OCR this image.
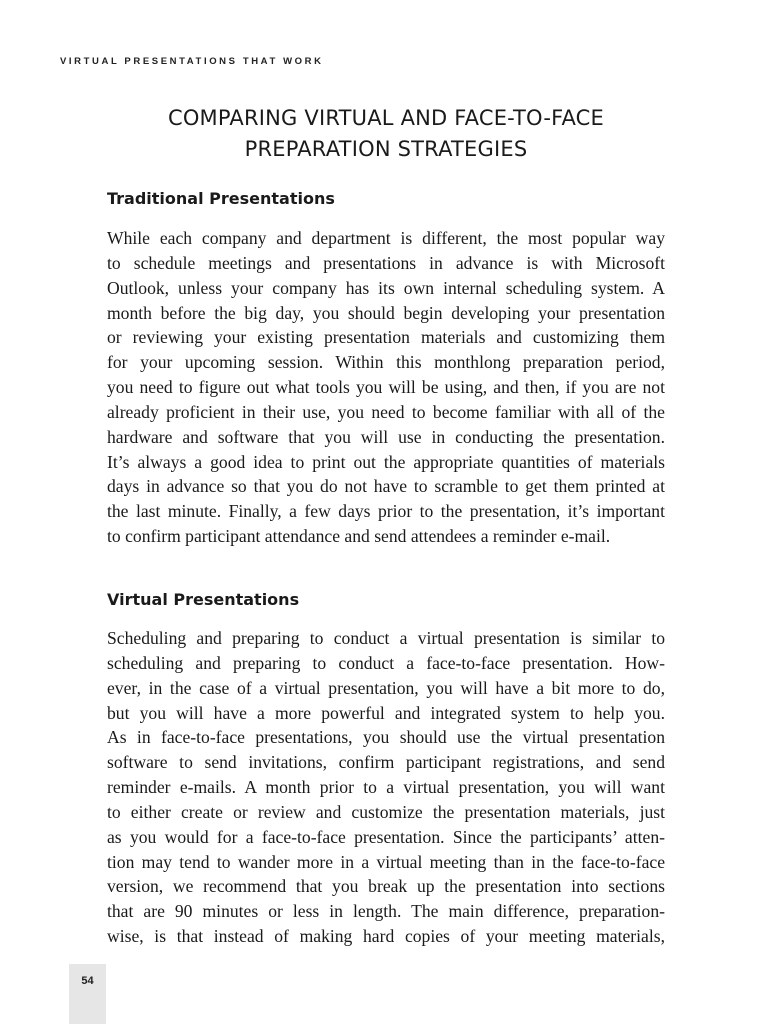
VIRTUAL PRESENTATIONS THAT WORK
COMPARING VIRTUAL AND FACE-TO-FACE
PREPARATION STRATEGIES
Traditional Presentations

While each company and department is different, the most popular way
to schedule meetings and presentations in advance is with Microsoft
Outlook, unless your company has its own internal scheduling system. A
month before the big day, you should begin developing your presentation
or reviewing your existing presentation materials and customizing them
for your upcoming session. Within this monthlong preparation period,
you need to figure out what tools you will be using, and then, if you are not
already proficient in their use, you need to become familiar with all of the
hardware and software that you will use in conducting the presentation.
It’s always a good idea to print out the appropriate quantities of materials
days in advance so that you do not have to scramble to get them printed at
the last minute. Finally, a few days prior to the presentation, it’s important
to confirm participant attendance and send attendees a reminder e-mail.

Virtual Presentations

Scheduling and preparing to conduct a virtual presentation is similar to
scheduling and preparing to conduct a face-to-face presentation. How-
ever, in the case of a virtual presentation, you will have a bit more to do,
but you will have a more powerful and integrated system to help you.
As in face-to-face presentations, you should use the virtual presentation
software to send invitations, confirm participant registrations, and send
reminder e-mails. A month prior to a virtual presentation, you will want
to either create or review and customize the presentation materials, just
as you would for a face-to-face presentation. Since the participants’ atten-
tion may tend to wander more in a virtual meeting than in the face-to-face
version, we recommend that you break up the presentation into sections
that are 90 minutes or less in length. The main difference, preparation-
wise, is that instead of making hard copies of your meeting materials,

54
